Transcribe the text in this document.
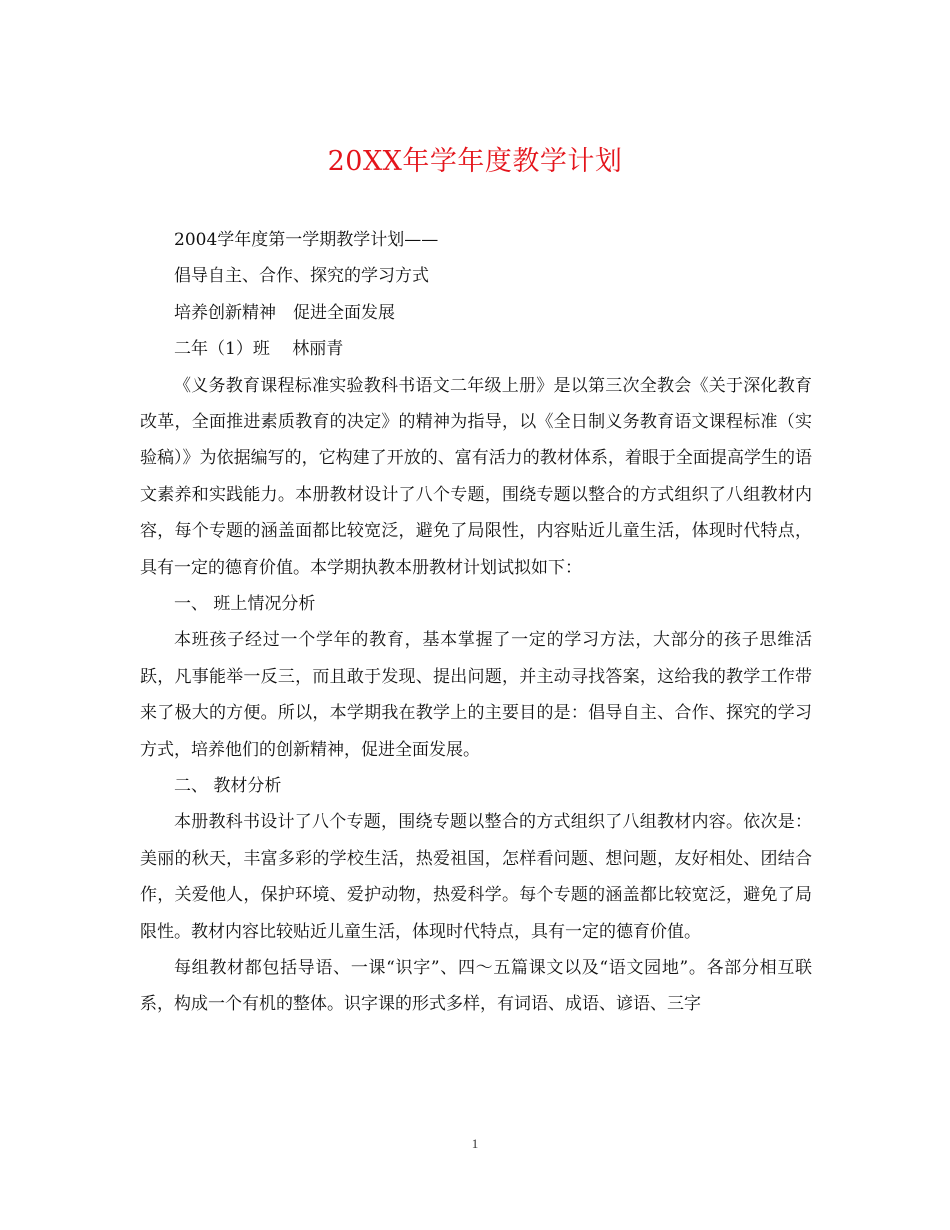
20XX年学年度教学计划
2004学年度第一学期教学计划——
倡导自主、合作、探究的学习方式
培养创新精神　促进全面发展
二年（1）班　 林丽青
《义务教育课程标准实验教科书语文二年级上册》是以第三次全教会《关于深化教育改革，全面推进素质教育的决定》的精神为指导，以《全日制义务教育语文课程标准（实验稿）》为依据编写的，它构建了开放的、富有活力的教材体系，着眼于全面提高学生的语文素养和实践能力。本册教材设计了八个专题，围绕专题以整合的方式组织了八组教材内容，每个专题的涵盖面都比较宽泛，避免了局限性，内容贴近儿童生活，体现时代特点，具有一定的德育价值。本学期执教本册教材计划试拟如下：
一、 班上情况分析
本班孩子经过一个学年的教育，基本掌握了一定的学习方法，大部分的孩子思维活跃，凡事能举一反三，而且敢于发现、提出问题，并主动寻找答案，这给我的教学工作带来了极大的方便。所以，本学期我在教学上的主要目的是：倡导自主、合作、探究的学习方式，培养他们的创新精神，促进全面发展。
二、 教材分析
本册教科书设计了八个专题，围绕专题以整合的方式组织了八组教材内容。依次是：美丽的秋天，丰富多彩的学校生活，热爱祖国，怎样看问题、想问题，友好相处、团结合作，关爱他人，保护环境、爱护动物，热爱科学。每个专题的涵盖都比较宽泛，避免了局限性。教材内容比较贴近儿童生活，体现时代特点，具有一定的德育价值。
每组教材都包括导语、一课“识字”、四～五篇课文以及“语文园地”。各部分相互联系，构成一个有机的整体。识字课的形式多样，有词语、成语、谚语、三字
1
